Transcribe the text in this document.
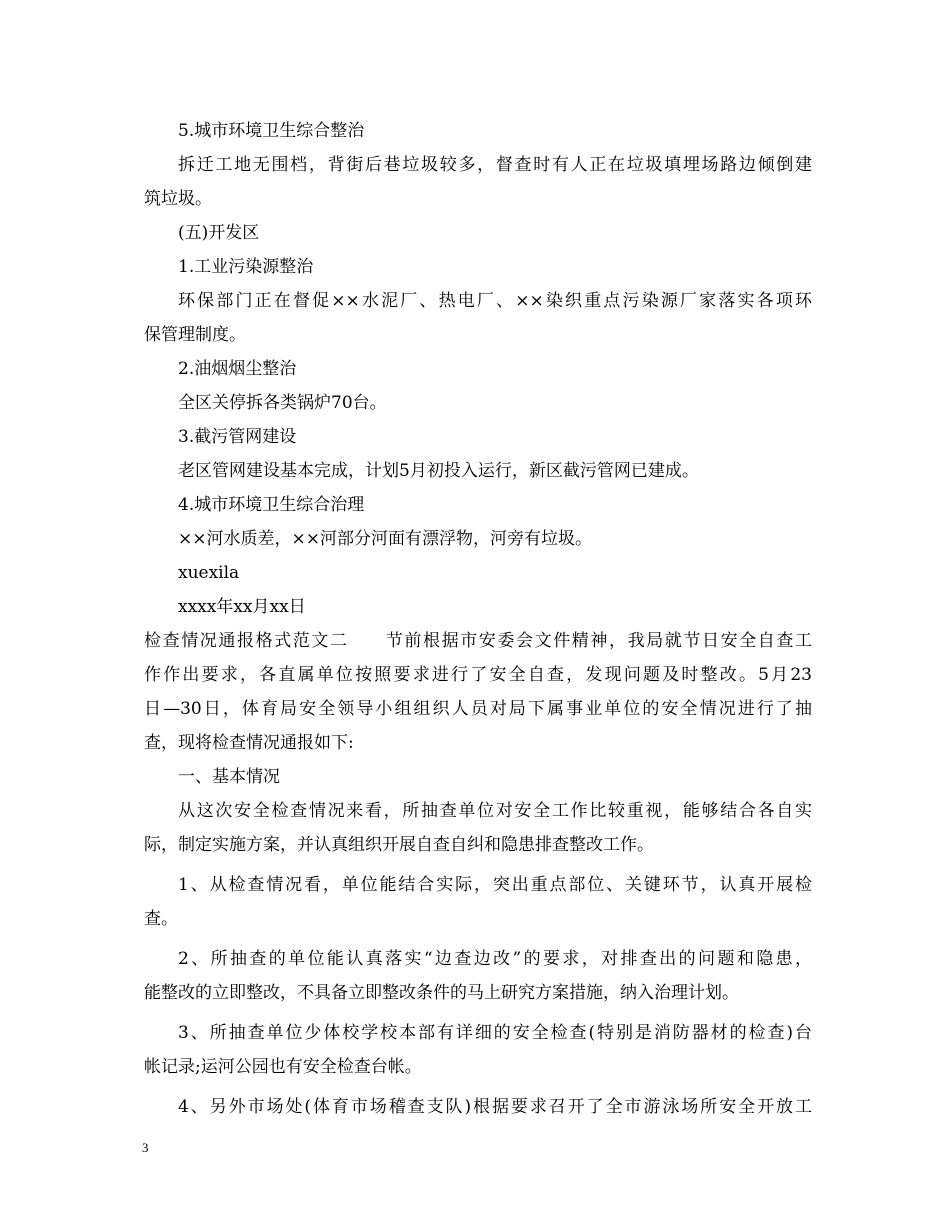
5.城市环境卫生综合整治
拆迁工地无围档，背街后巷垃圾较多，督查时有人正在垃圾填埋场路边倾倒建
筑垃圾。
(五)开发区
1.工业污染源整治
环保部门正在督促××水泥厂、热电厂、××染织重点污染源厂家落实各项环
保管理制度。
2.油烟烟尘整治
全区关停拆各类锅炉70台。
3.截污管网建设
老区管网建设基本完成，计划5月初投入运行，新区截污管网已建成。
4.城市环境卫生综合治理
××河水质差，××河部分河面有漂浮物，河旁有垃圾。
xuexila
xxxx年xx月xx日
检查情况通报格式范文二　　节前根据市安委会文件精神，我局就节日安全自查工
作作出要求，各直属单位按照要求进行了安全自查，发现问题及时整改。5月23
日—30日，体育局安全领导小组组织人员对局下属事业单位的安全情况进行了抽
查，现将检查情况通报如下:
一、基本情况
从这次安全检查情况来看，所抽查单位对安全工作比较重视，能够结合各自实
际，制定实施方案，并认真组织开展自查自纠和隐患排查整改工作。
1、从检查情况看，单位能结合实际，突出重点部位、关键环节，认真开展检
查。
2、所抽查的单位能认真落实“边查边改”的要求，对排查出的问题和隐患，
能整改的立即整改，不具备立即整改条件的马上研究方案措施，纳入治理计划。
3、所抽查单位少体校学校本部有详细的安全检查(特别是消防器材的检查)台
帐记录;运河公园也有安全检查台帐。
4、另外市场处(体育市场稽查支队)根据要求召开了全市游泳场所安全开放工
3
